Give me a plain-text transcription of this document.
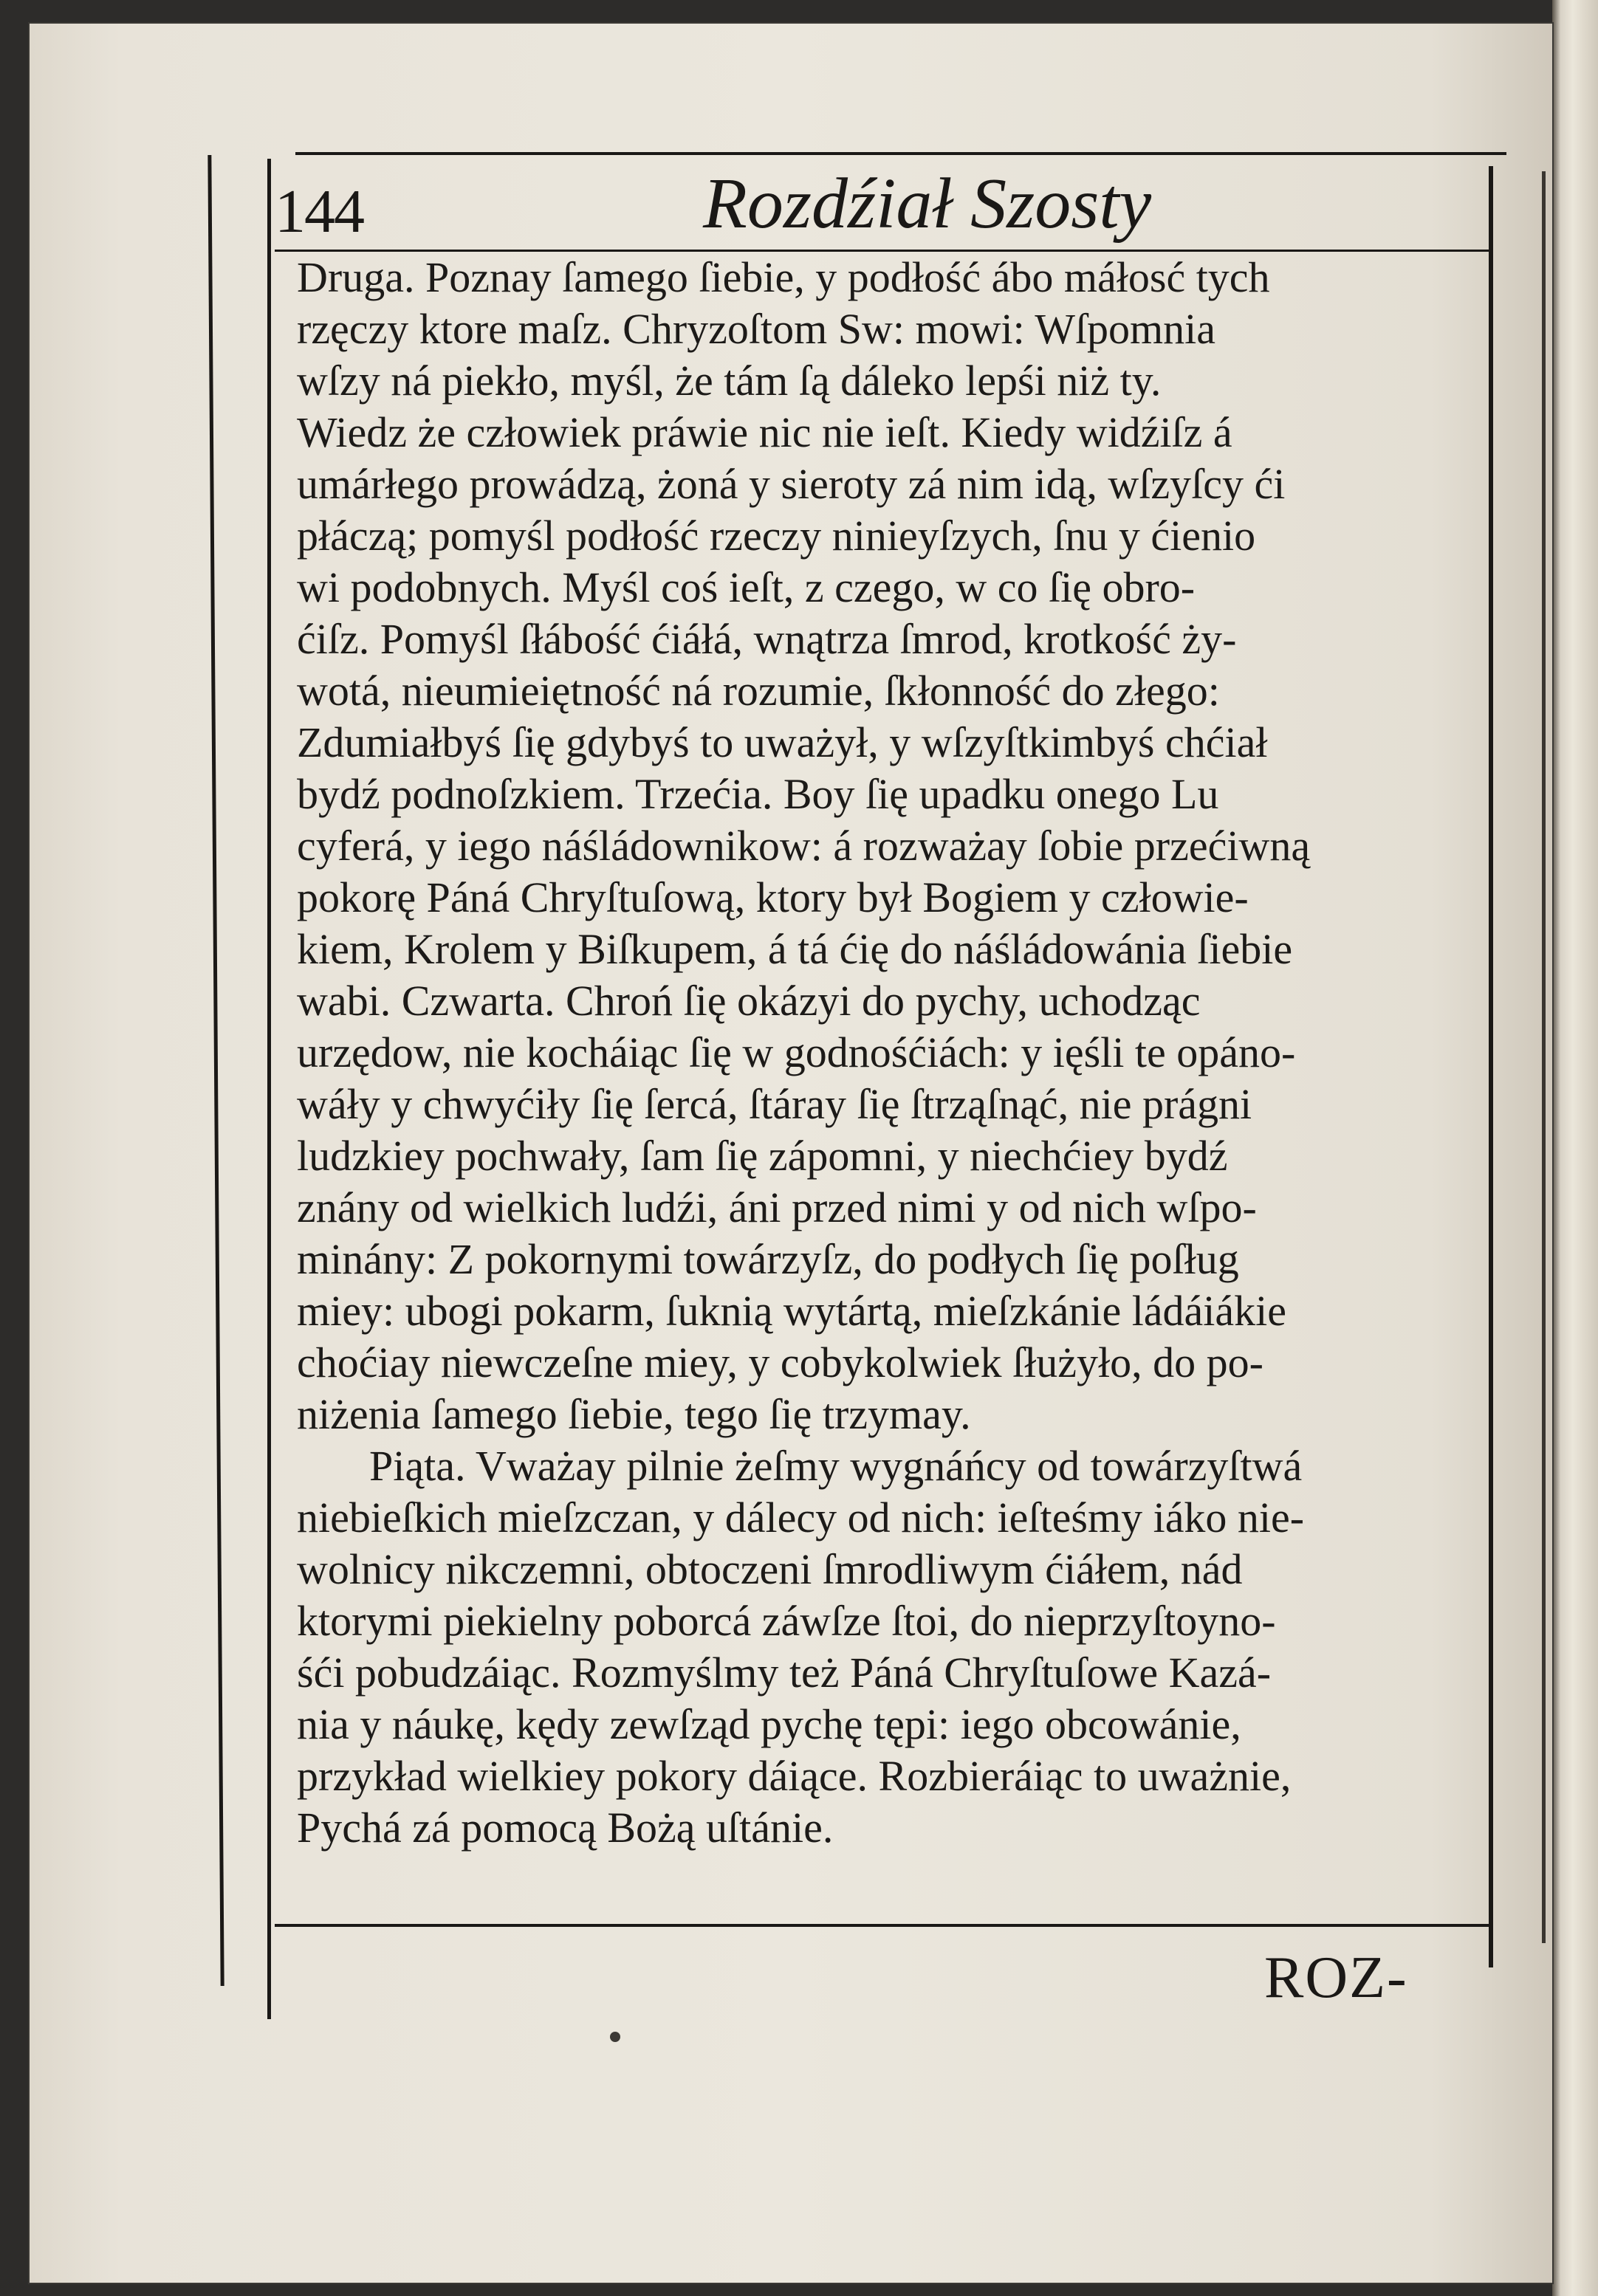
144	Rozdźiał Szosty
Druga. Poznay ſamego ſiebie, y podłość ábo máłosć tych
rzęczy ktore maſz. Chryzoſtom Sw: mowi: Wſpomnia
wſzy ná piekło, myśl, że tám ſą dáleko lepśi niż ty.
Wiedz że człowiek práwie nic nie ieſt. Kiedy widźiſz á
umárłego prowádzą, żoná y sieroty zá nim idą, wſzyſcy ći
płáczą; pomyśl podłość rzeczy ninieyſzych, ſnu y ćienio
wi podobnych. Myśl coś ieſt, z czego, w co ſię obro-
ćiſz. Pomyśl ſłábość ćiáłá, wnątrza ſmrod, krotkość ży-
wotá, nieumieiętność ná rozumie, ſkłonność do złego:
Zdumiałbyś ſię gdybyś to uważył, y wſzyſtkimbyś chćiał
bydź podnoſzkiem. Trzećia. Boy ſię upadku onego Lu
cyferá, y iego náśládownikow: á rozważay ſobie przećiwną
pokorę Páná Chryſtuſową, ktory był Bogiem y człowie-
kiem, Krolem y Biſkupem, á tá ćię do náśládowánia ſiebie
wabi. Czwarta. Chroń ſię okázyi do pychy, uchodząc
urzędow, nie kocháiąc ſię w godnośćiách: y ięśli te opáno-
wáły y chwyćiły ſię ſercá, ſtáray ſię ſtrząſnąć, nie prágni
ludzkiey pochwały, ſam ſię zápomni, y niechćiey bydź
znány od wielkich ludźi, áni przed nimi y od nich wſpo-
minány: Z pokornymi towárzyſz, do podłych ſię poſług
miey: ubogi pokarm, ſuknią wytártą, mieſzkánie ládáiákie
choćiay niewczeſne miey, y cobykolwiek ſłużyło, do po-
niżenia ſamego ſiebie, tego ſię trzymay.
Piąta. Vważay pilnie żeſmy wygnáńcy od towárzyſtwá
niebieſkich mieſzczan, y dálecy od nich: ieſteśmy iáko nie-
wolnicy nikczemni, obtoczeni ſmrodliwym ćiáłem, nád
ktorymi piekielny poborcá záwſze ſtoi, do nieprzyſtoyno-
śći pobudzáiąc. Rozmyślmy też Páná Chryſtuſowe Kazá-
nia y náukę, kędy zewſząd pychę tępi: iego obcowánie,
przykład wielkiey pokory dáiące. Rozbieráiąc to uważnie,
Pychá zá pomocą Bożą uſtánie.
ROZ-
